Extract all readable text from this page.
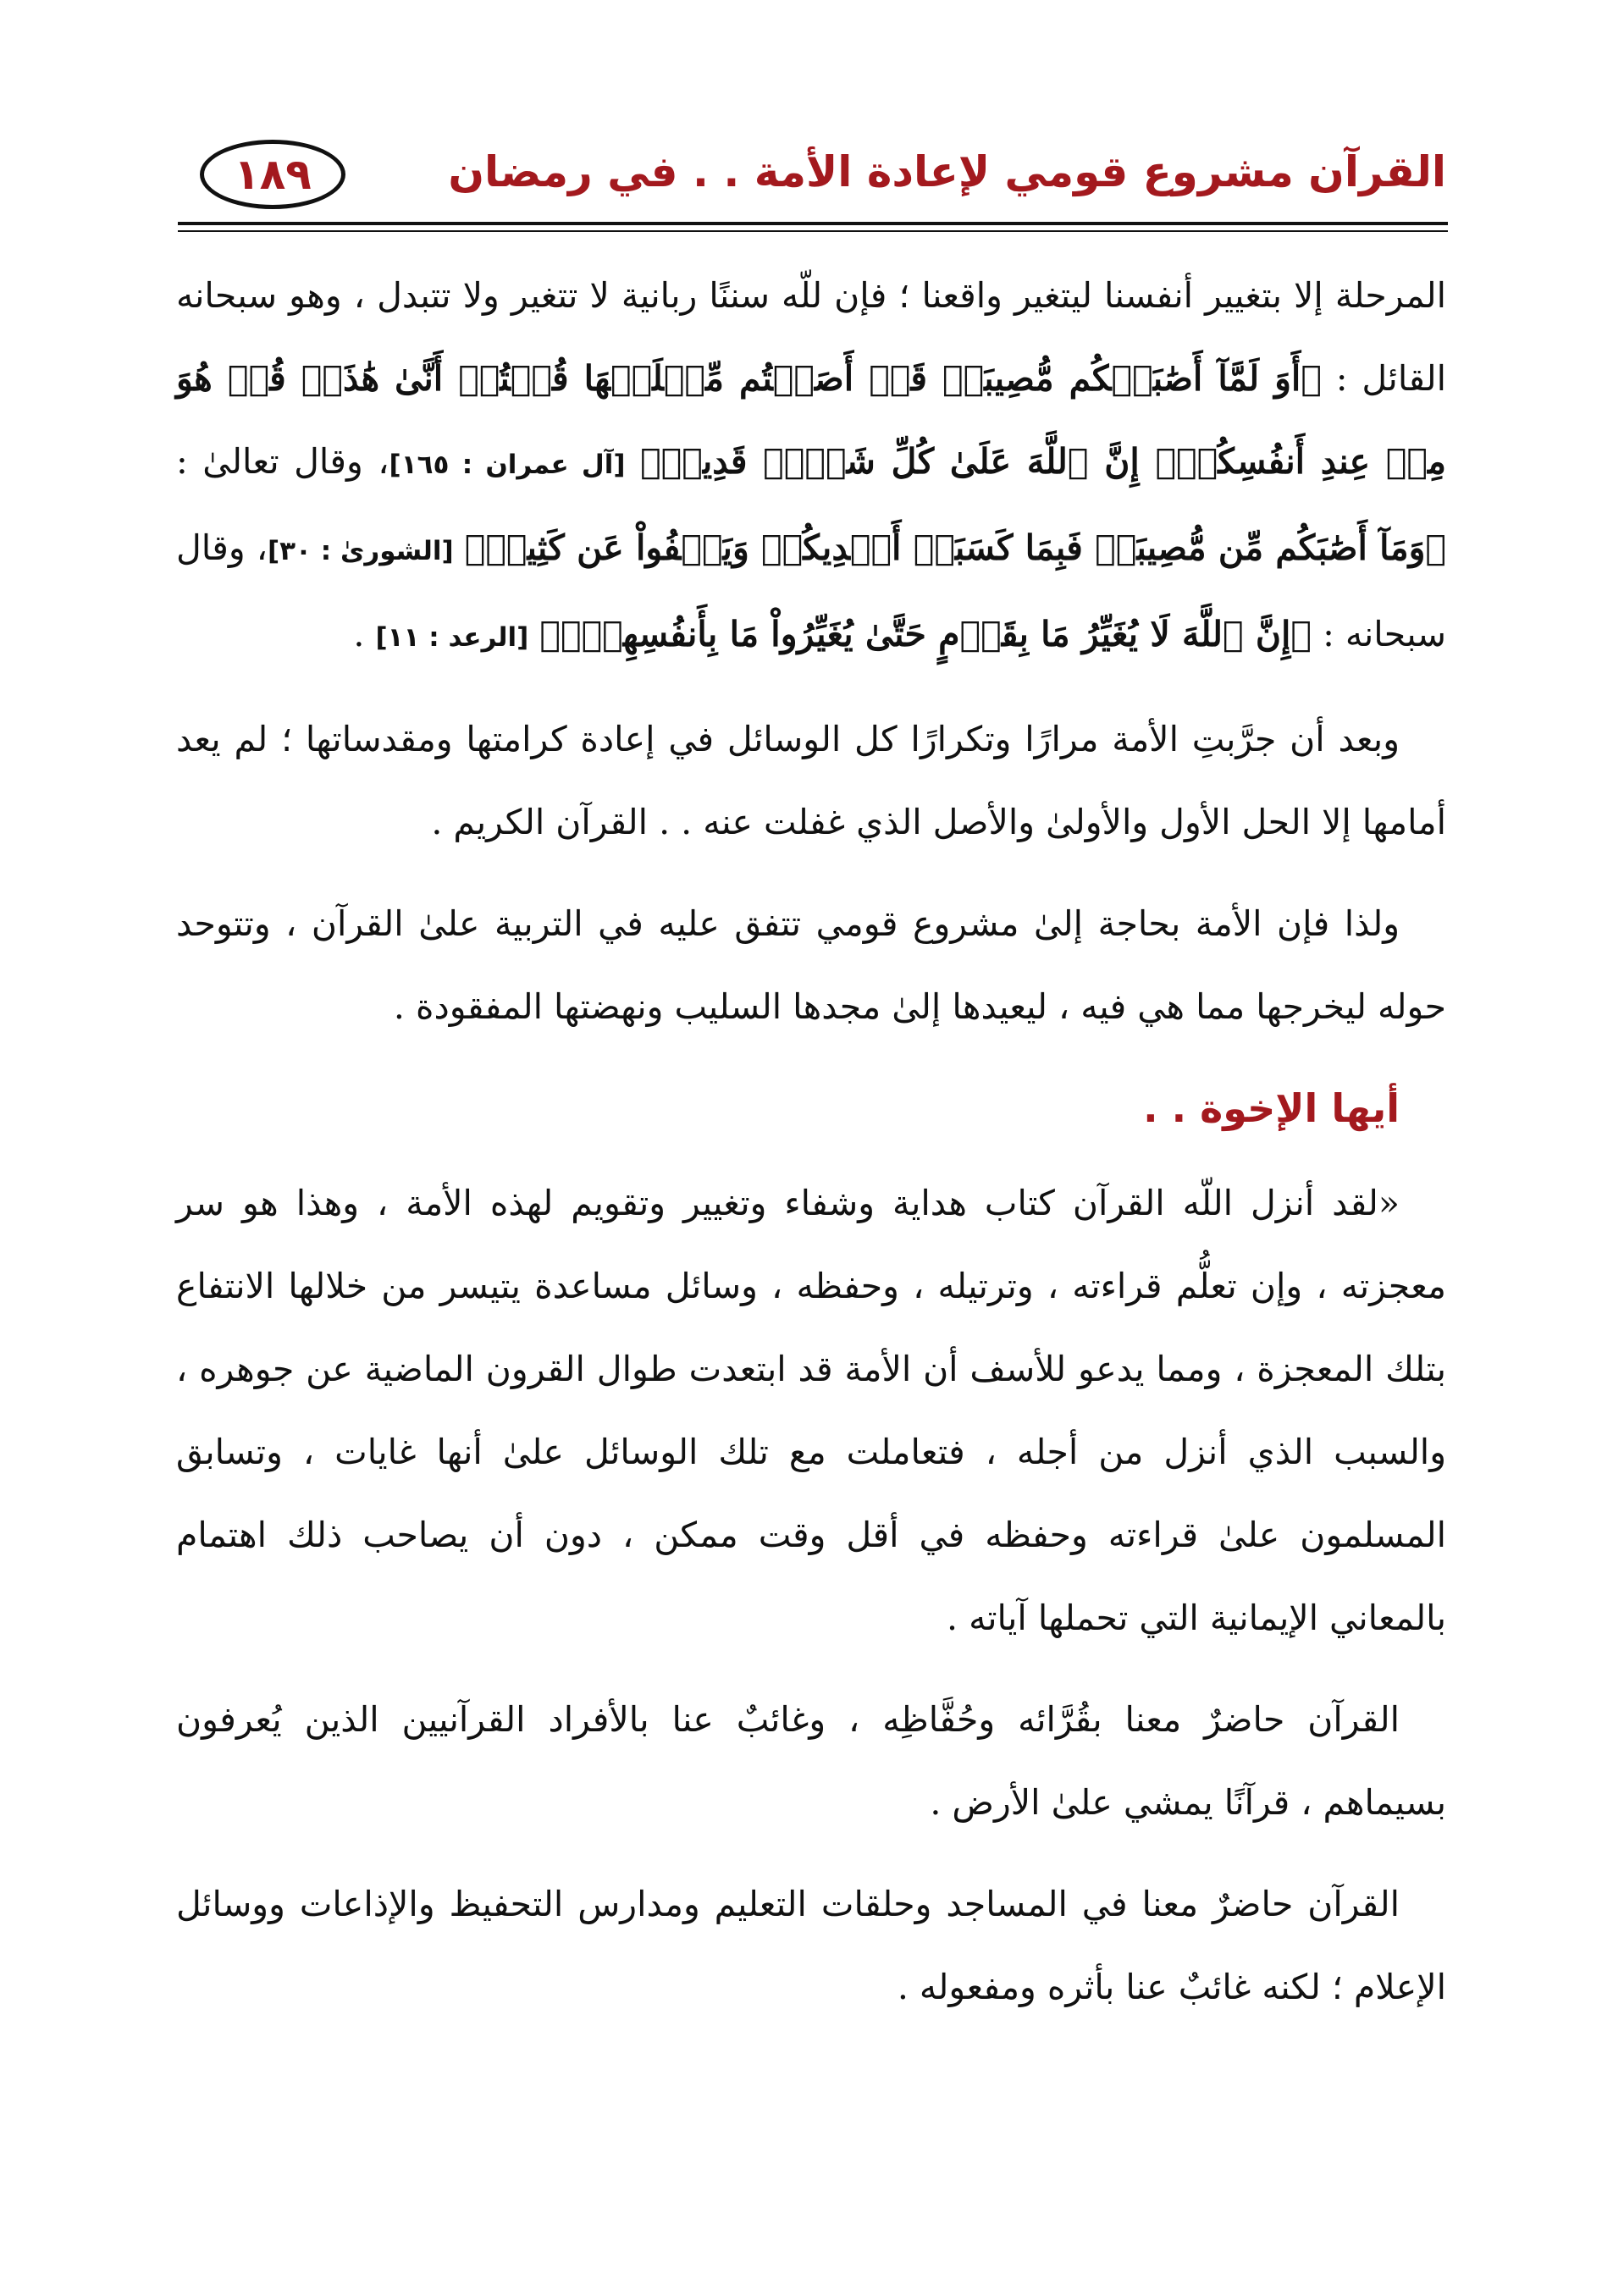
القرآن مشروع قومي لإعادة الأمة . . في رمضان
١٨٩

المرحلة إلا بتغيير أنفسنا ليتغير واقعنا ؛ فإن للّه سننًا ربانية لا تتغير ولا تتبدل ، وهو سبحانه القائل : ﴿أَوَ لَمَّآ أَصَٰبَتۡكُم مُّصِيبَةٞ قَدۡ أَصَبۡتُم مِّثۡلَيۡهَا قُلۡتُمۡ أَنَّىٰ هَٰذَاۖ قُلۡ هُوَ مِنۡ عِندِ أَنفُسِكُمۡۗ إِنَّ ٱللَّهَ عَلَىٰ كُلِّ شَيۡءٖ قَدِيرٞ﴾ [آل عمران : ١٦٥]، وقال تعالىٰ : ﴿وَمَآ أَصَٰبَكُم مِّن مُّصِيبَةٖ فَبِمَا كَسَبَتۡ أَيۡدِيكُمۡ وَيَعۡفُواْ عَن كَثِيرٖ﴾ [الشورىٰ : ٣٠]، وقال سبحانه : ﴿إِنَّ ٱللَّهَ لَا يُغَيِّرُ مَا بِقَوۡمٍ حَتَّىٰ يُغَيِّرُواْ مَا بِأَنفُسِهِمۡۗ﴾ [الرعد : ١١] .

وبعد أن جرَّبتِ الأمة مرارًا وتكرارًا كل الوسائل في إعادة كرامتها ومقدساتها ؛ لم يعد أمامها إلا الحل الأول والأولىٰ والأصل الذي غفلت عنه . . القرآن الكريم .

ولذا فإن الأمة بحاجة إلىٰ مشروع قومي تتفق عليه في التربية علىٰ القرآن ، وتتوحد حوله ليخرجها مما هي فيه ، ليعيدها إلىٰ مجدها السليب ونهضتها المفقودة .

أيها الإخوة . .

«لقد أنزل اللّه القرآن كتاب هداية وشفاء وتغيير وتقويم لهذه الأمة ، وهذا هو سر معجزته ، وإن تعلُّم قراءته ، وترتيله ، وحفظه ، وسائل مساعدة يتيسر من خلالها الانتفاع بتلك المعجزة ، ومما يدعو للأسف أن الأمة قد ابتعدت طوال القرون الماضية عن جوهره ، والسبب الذي أنزل من أجله ، فتعاملت مع تلك الوسائل علىٰ أنها غايات ، وتسابق المسلمون علىٰ قراءته وحفظه في أقل وقت ممكن ، دون أن يصاحب ذلك اهتمام بالمعاني الإيمانية التي تحملها آياته .

القرآن حاضرٌ معنا بقُرَّائه وحُفَّاظِه ، وغائبٌ عنا بالأفراد القرآنيين الذين يُعرفون بسيماهم ، قرآنًا يمشي علىٰ الأرض .

القرآن حاضرٌ معنا في المساجد وحلقات التعليم ومدارس التحفيظ والإذاعات ووسائل الإعلام ؛ لكنه غائبٌ عنا بأثره ومفعوله .
